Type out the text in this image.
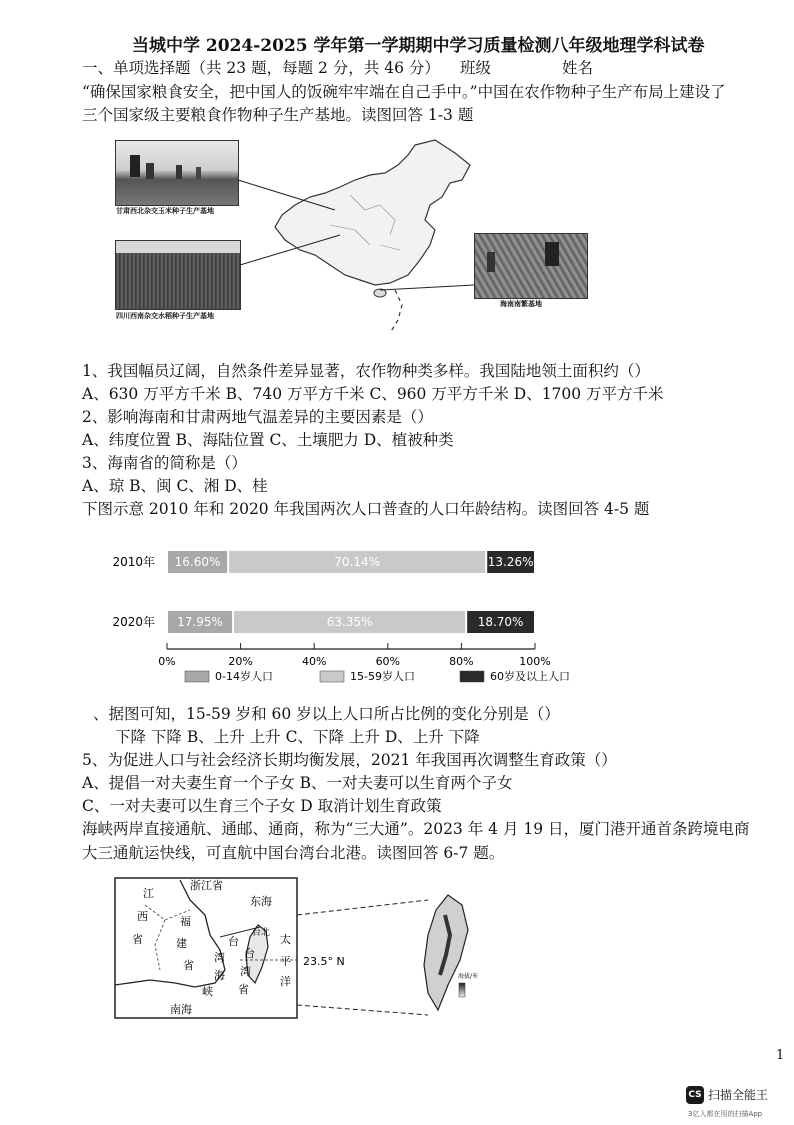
当城中学 2024-2025 学年第一学期期中学习质量检测八年级地理学科试卷
一、单项选择题（共 23 题，每题 2 分，共 46 分） 班级	姓名
“确保国家粮食安全，把中国人的饭碗牢牢端在自己手中。”中国在农作物种子生产布局上建设了
三个国家级主要粮食作物种子生产基地。读图回答 1-3 题
甘肃西北杂交玉米种子生产基地
四川西南杂交水稻种子生产基地
海南南繁基地
1、我国幅员辽阔，自然条件差异显著，农作物种类多样。我国陆地领土面积约（）
A、630 万平方千米 B、740 万平方千米 C、960 万平方千米 D、1700 万平方千米
2、影响海南和甘肃两地气温差异的主要因素是（）
A、纬度位置 B、海陆位置 C、土壤肥力 D、植被种类
3、海南省的简称是（）
A、琼 B、闽 C、湘 D、桂
下图示意 2010 年和 2020 年我国两次人口普查的人口年龄结构。读图回答 4-5 题
2010年 16.60%	70.14%	13.26%
2020年 17.95%	63.35%	18.70%
0%	20%	40%	60%	80%	100%
0-14岁人口	15-59岁人口	60岁及以上人口
、据图可知，15-59 岁和 60 岁以上人口所占比例的变化分别是（）
下降 下降 B、上升 上升 C、下降 上升 D、上升 下降
5、为促进人口与社会经济长期均衡发展，2021 年我国再次调整生育政策（）
A、提倡一对夫妻生育一个子女 B、一对夫妻可以生育两个子女
C、一对夫妻可以生育三个子女 D 取消计划生育政策
海峡两岸直接通航、通邮、通商，称为“三大通”。2023 年 4 月 19 日，厦门港开通首条跨境电商
大三通航运快线，可直航中国台湾台北港。读图回答 6-7 题。
江
西
省
浙江省
东海
福
建
省
台
湾
海
峡
台北
台
湾
省
太
平
洋
南海
23.5° N
海拔/米
1
CS 扫描全能王
3亿人都在用的扫描App
